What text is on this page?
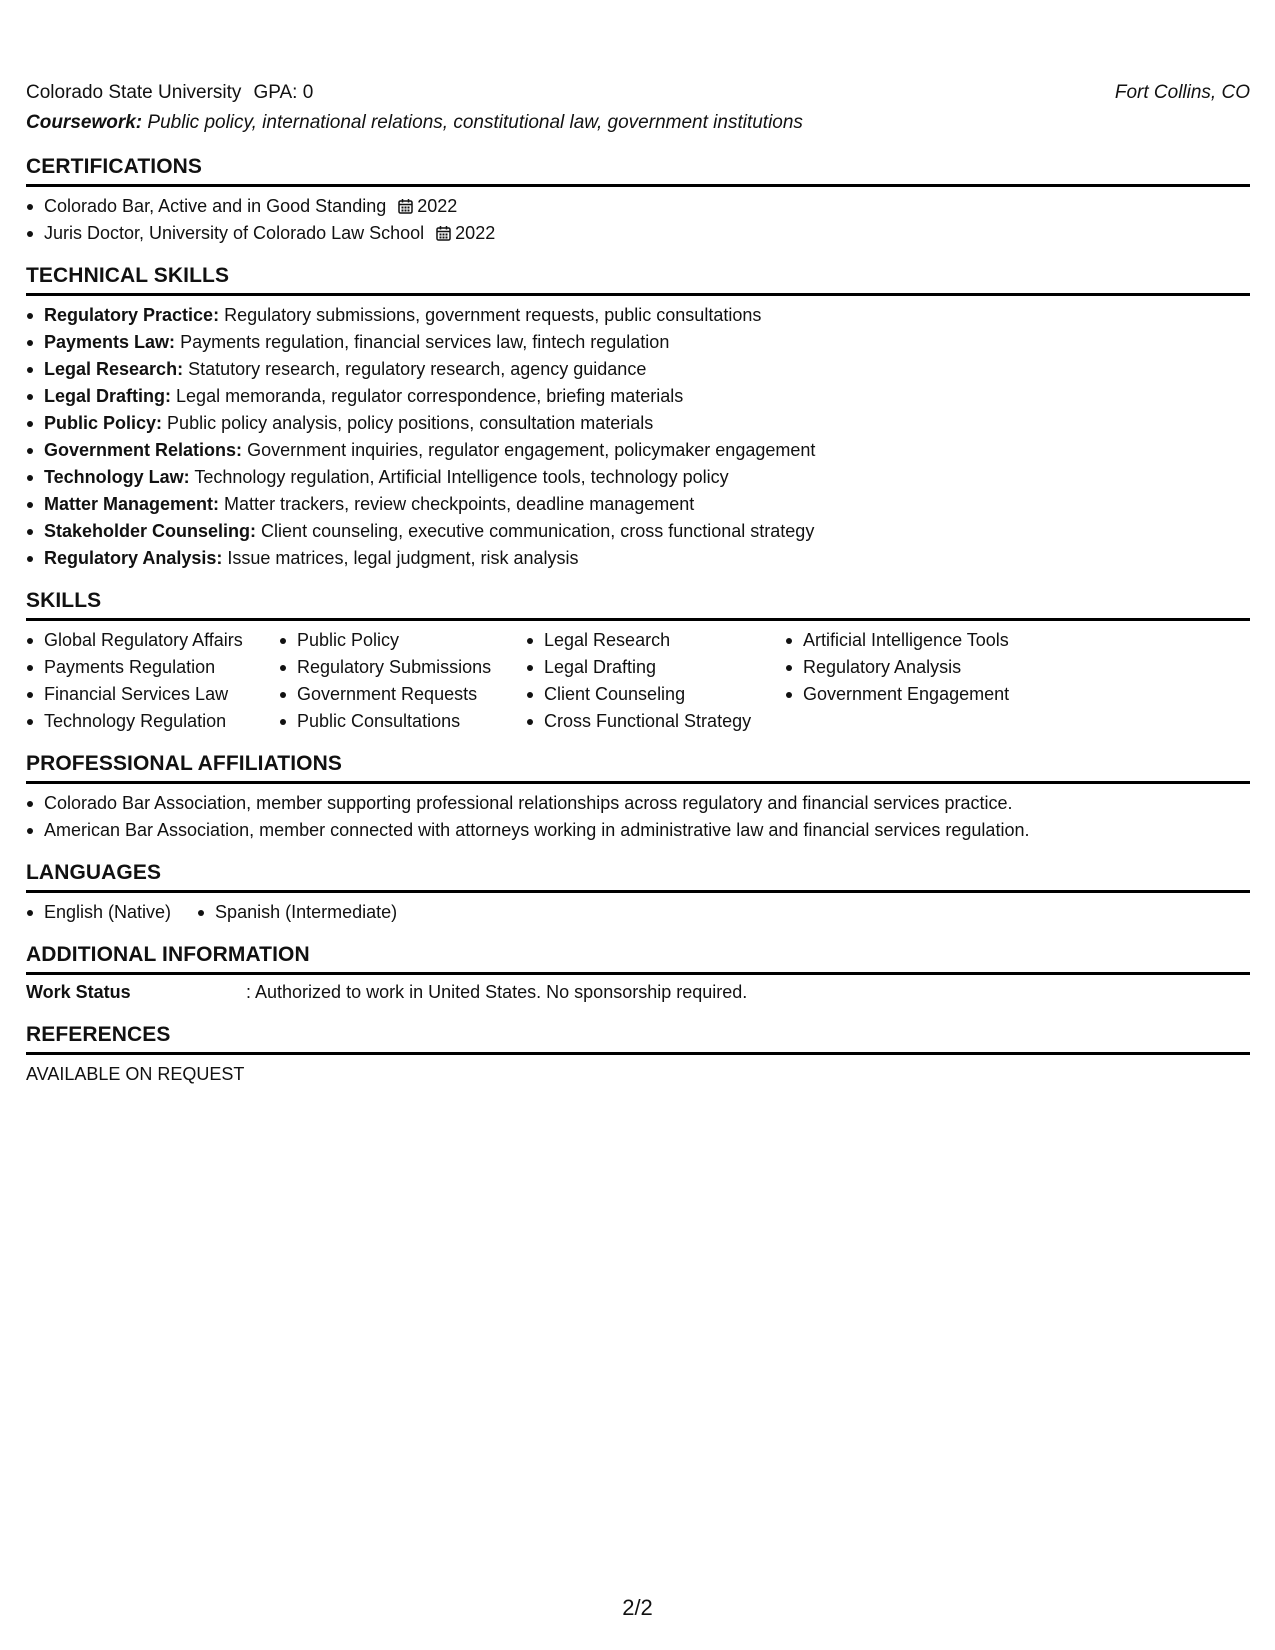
Colorado State University GPA: 0	Fort Collins, CO
Coursework: Public policy, international relations, constitutional law, government institutions
CERTIFICATIONS
Colorado Bar, Active and in Good Standing 2022
Juris Doctor, University of Colorado Law School 2022
TECHNICAL SKILLS
Regulatory Practice: Regulatory submissions, government requests, public consultations
Payments Law: Payments regulation, financial services law, fintech regulation
Legal Research: Statutory research, regulatory research, agency guidance
Legal Drafting: Legal memoranda, regulator correspondence, briefing materials
Public Policy: Public policy analysis, policy positions, consultation materials
Government Relations: Government inquiries, regulator engagement, policymaker engagement
Technology Law: Technology regulation, Artificial Intelligence tools, technology policy
Matter Management: Matter trackers, review checkpoints, deadline management
Stakeholder Counseling: Client counseling, executive communication, cross functional strategy
Regulatory Analysis: Issue matrices, legal judgment, risk analysis
SKILLS
Global Regulatory Affairs
Payments Regulation
Financial Services Law
Technology Regulation
Public Policy
Regulatory Submissions
Government Requests
Public Consultations
Legal Research
Legal Drafting
Client Counseling
Cross Functional Strategy
Artificial Intelligence Tools
Regulatory Analysis
Government Engagement
PROFESSIONAL AFFILIATIONS
Colorado Bar Association, member supporting professional relationships across regulatory and financial services practice.
American Bar Association, member connected with attorneys working in administrative law and financial services regulation.
LANGUAGES
English (Native)	Spanish (Intermediate)
ADDITIONAL INFORMATION
Work Status	: Authorized to work in United States. No sponsorship required.
REFERENCES
AVAILABLE ON REQUEST
2/2
